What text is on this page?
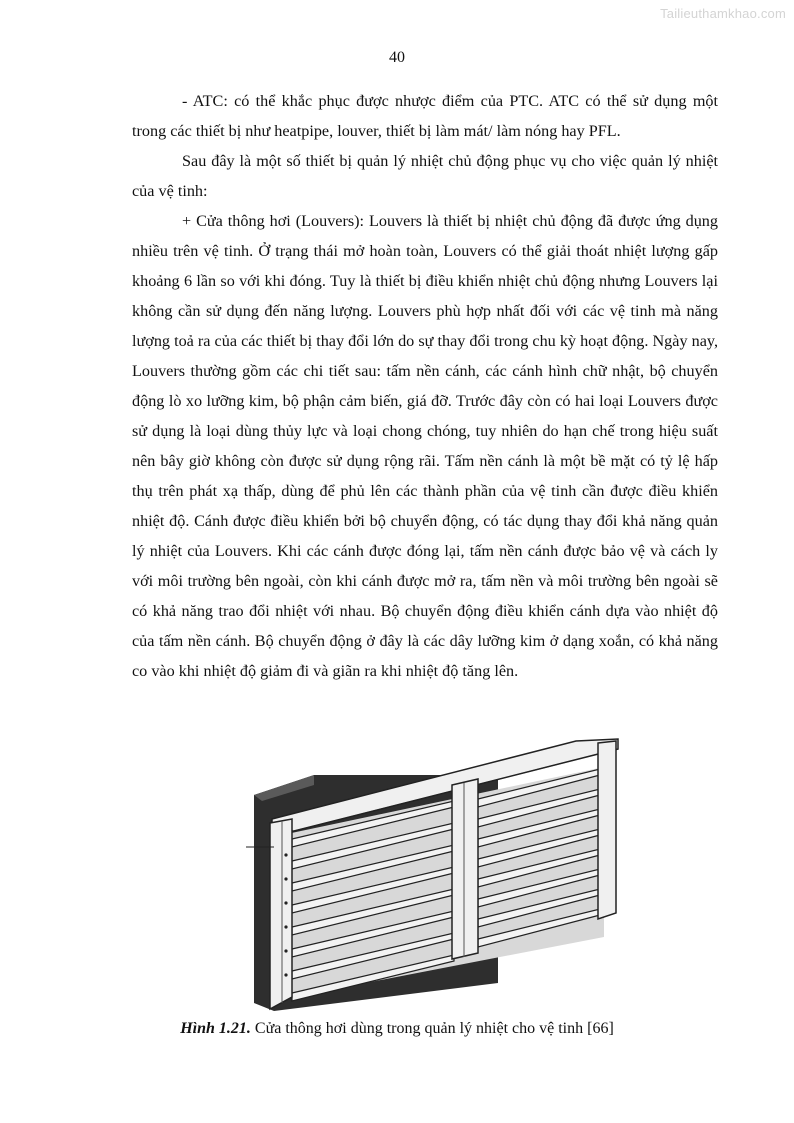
Tailieuthamkhao.com
40

- ATC: có thể khắc phục được nhược điểm của PTC. ATC có thể sử dụng một trong các thiết bị như heatpipe, louver, thiết bị làm mát/ làm nóng hay PFL.

Sau đây là một số thiết bị quản lý nhiệt chủ động phục vụ cho việc quản lý nhiệt của vệ tinh:

+ Cửa thông hơi (Louvers): Louvers là thiết bị nhiệt chủ động đã được ứng dụng nhiều trên vệ tinh. Ở trạng thái mở hoàn toàn, Louvers có thể giải thoát nhiệt lượng gấp khoảng 6 lần so với khi đóng. Tuy là thiết bị điều khiển nhiệt chủ động nhưng Louvers lại không cần sử dụng đến năng lượng. Louvers phù hợp nhất đối với các vệ tinh mà năng lượng toả ra của các thiết bị thay đổi lớn do sự thay đổi trong chu kỳ hoạt động. Ngày nay, Louvers thường gồm các chi tiết sau: tấm nền cánh, các cánh hình chữ nhật, bộ chuyển động lò xo lưỡng kim, bộ phận cảm biến, giá đỡ. Trước đây còn có hai loại Louvers được sử dụng là loại dùng thủy lực và loại chong chóng, tuy nhiên do hạn chế trong hiệu suất nên bây giờ không còn được sử dụng rộng rãi. Tấm nền cánh là một bề mặt có tỷ lệ hấp thụ trên phát xạ thấp, dùng để phủ lên các thành phần của vệ tinh cần được điều khiển nhiệt độ. Cánh được điều khiển bởi bộ chuyển động, có tác dụng thay đổi khả năng quản lý nhiệt của Louvers. Khi các cánh được đóng lại, tấm nền cánh được bảo vệ và cách ly với môi trường bên ngoài, còn khi cánh được mở ra, tấm nền và môi trường bên ngoài sẽ có khả năng trao đổi nhiệt với nhau. Bộ chuyển động điều khiển cánh dựa vào nhiệt độ của tấm nền cánh. Bộ chuyển động ở đây là các dây lưỡng kim ở dạng xoắn, có khả năng co vào khi nhiệt độ giảm đi và giãn ra khi nhiệt độ tăng lên.

Hình 1.21. Cửa thông hơi dùng trong quản lý nhiệt cho vệ tinh [66]
